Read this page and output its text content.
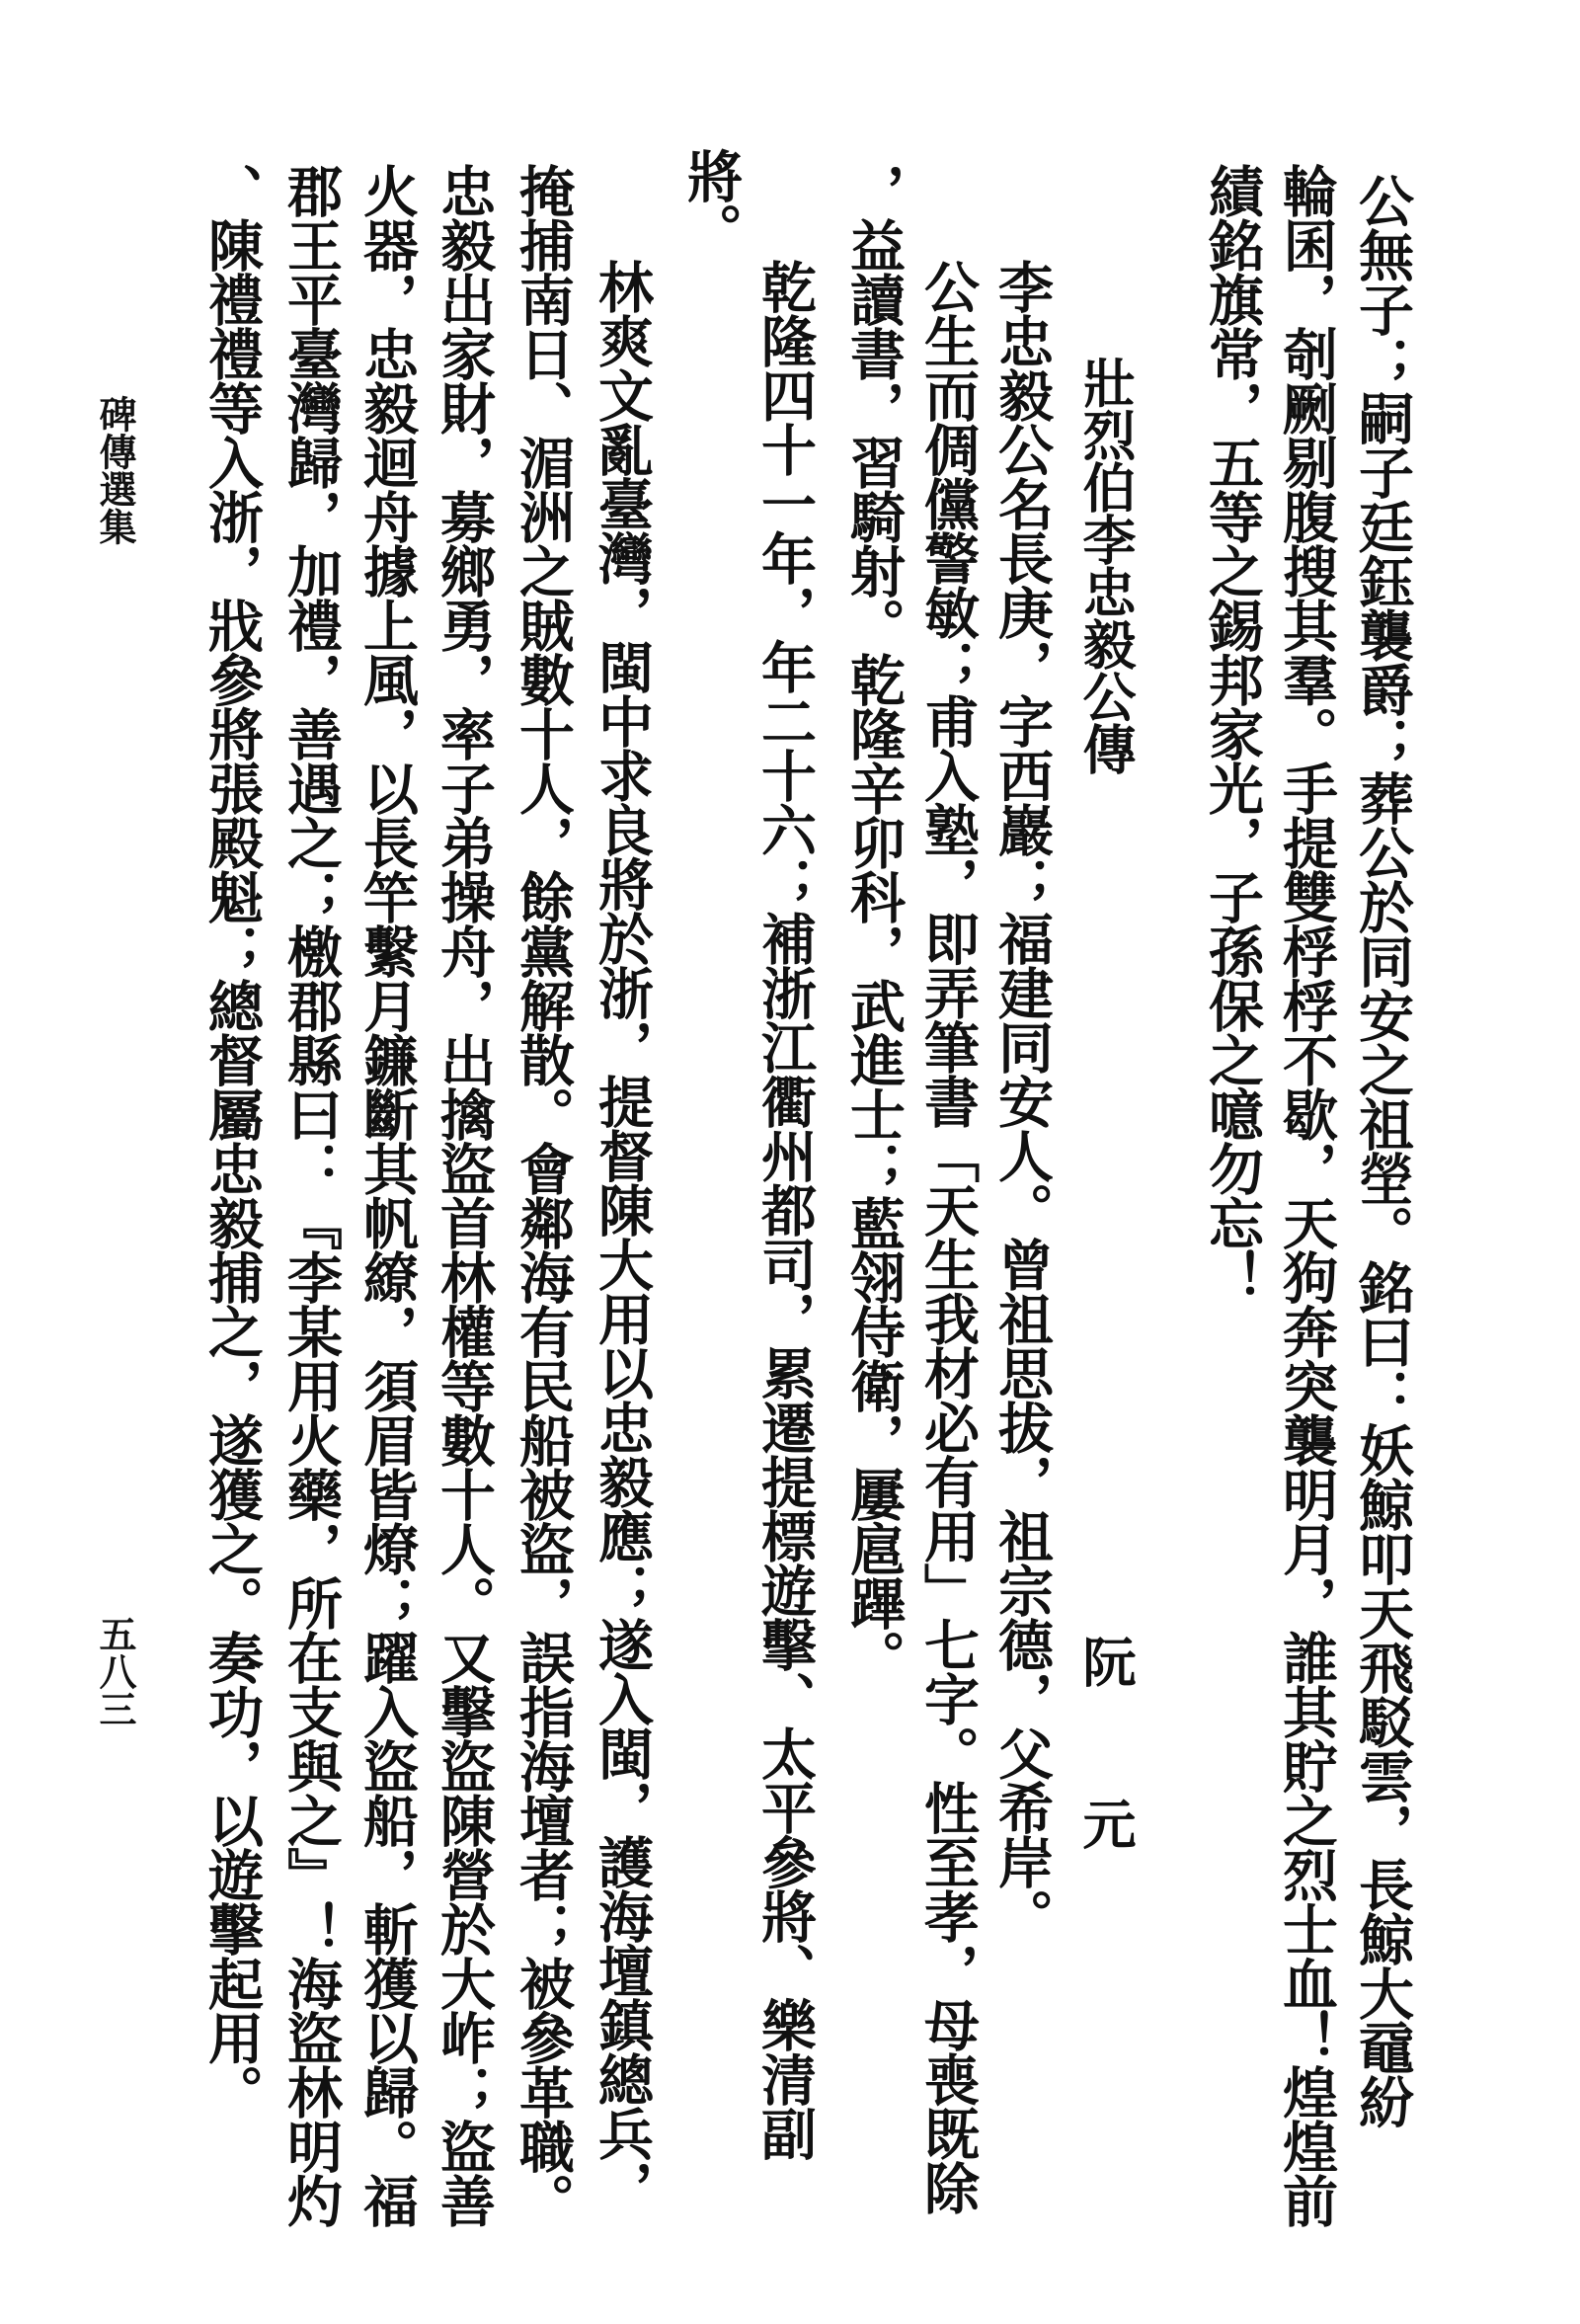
公無子；嗣子廷鈺襲爵；葬公於同安之祖塋。銘曰：妖鯨叩天飛駁雲，長鯨大黿紛
輪囷，剞劂剔腹搜其羣。手提雙桴桴不歇，天狗奔突襲明月，誰其貯之烈士血！煌煌前
績銘旗常，五等之錫邦家光，子孫保之噫勿忘！
壯烈伯李忠毅公傳
阮　元
李忠毅公名長庚，字西巖；福建同安人。曾祖思拔，祖宗德，父希岸。
公生而倜儻警敏；甫入塾，即弄筆書「天生我材必有用」七字。性至孝，母喪既除
，益讀書，習騎射。乾隆辛卯科，武進士；藍翎侍衛，屢扈蹕。
乾隆四十一年，年二十六；補浙江衢州都司，累遷提標遊擊、太平參將、樂清副
將。
林爽文亂臺灣，閩中求良將於浙，提督陳大用以忠毅應；遂入閩，護海壇鎮總兵，
掩捕南日、湄洲之賊數十人，餘黨解散。會鄰海有民船被盜，誤指海壇者；被參革職。
忠毅出家財，募鄉勇，率子弟操舟，出擒盜首林權等數十人。又擊盜陳營於大岞；盜善
火器，忠毅迴舟據上風，以長竿繫月鐮斷其帆繚，須眉皆燎；躍入盜船，斬獲以歸。福
郡王平臺灣歸，加禮，善遇之；檄郡縣曰：『李某用火藥，所在支與之』！海盜林明灼
、陳禮禮等入浙，戕參將張殿魁；總督屬忠毅捕之，遂獲之。奏功，以遊擊起用。
碑傳選集
五八三
